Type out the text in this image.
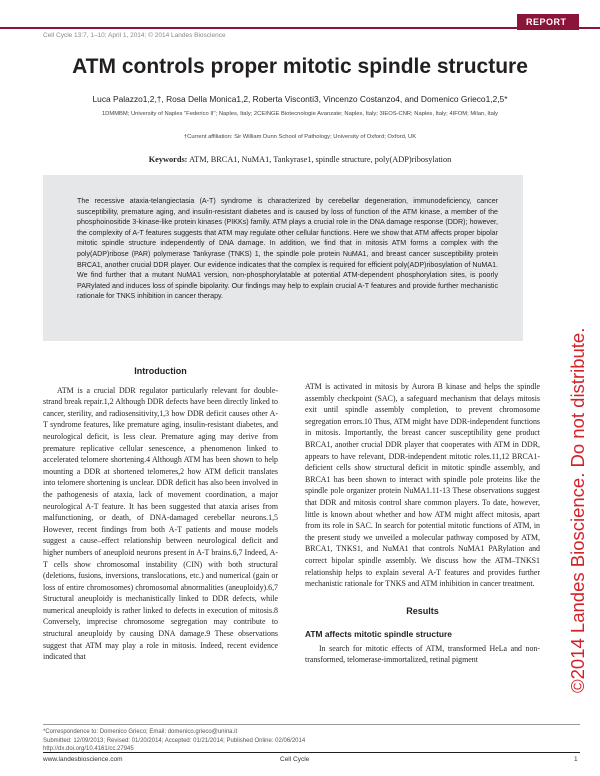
REPORT
Cell Cycle 13:7, 1–10; April 1, 2014; © 2014 Landes Bioscience
ATM controls proper mitotic spindle structure
Luca Palazzo1,2,†, Rosa Della Monica1,2, Roberta Visconti3, Vincenzo Costanzo4, and Domenico Grieco1,2,5*
1DMMBM; University of Naples "Federico II"; Naples, Italy; 2CEINGE Biotecnologie Avanzate; Naples, Italy; 3IEOS-CNR; Naples, Italy; 4IFOM; Milan, Italy
†Current affiliation: Sir William Dunn School of Pathology; University of Oxford; Oxford, UK
Keywords: ATM, BRCA1, NuMA1, Tankyrase1, spindle structure, poly(ADP)ribosylation
The recessive ataxia-telangiectasia (A-T) syndrome is characterized by cerebellar degeneration, immunodeficiency, cancer susceptibility, premature aging, and insulin-resistant diabetes and is caused by loss of function of the ATM kinase, a member of the phosphoinositide 3-kinase-like protein kinases (PIKKs) family. ATM plays a crucial role in the DNA damage response (DDR); however, the complexity of A-T features suggests that ATM may regulate other cellular functions. Here we show that ATM affects proper bipolar mitotic spindle structure independently of DNA damage. In addition, we find that in mitosis ATM forms a complex with the poly(ADP)ribose (PAR) polymerase Tankyrase (TNKS) 1, the spindle pole protein NuMA1, and breast cancer susceptibility protein BRCA1, another crucial DDR player. Our evidence indicates that the complex is required for efficient poly(ADP)ribosylation of NuMA1. We find further that a mutant NuMA1 version, non-phosphorylatable at potential ATM-dependent phosphorylation sites, is poorly PARylated and induces loss of spindle bipolarity. Our findings may help to explain crucial A-T features and provide further mechanistic rationale for TNKS inhibition in cancer therapy.
Introduction

ATM is a crucial DDR regulator particularly relevant for double-strand break repair.1,2 Although DDR defects have been directly linked to cancer, sterility, and radiosensitivity,1,3 how DDR deficit causes other A-T syndrome features, like premature aging, insulin-resistant diabetes, and neurological deficit, is less clear. Premature aging may derive from premature replicative cellular senescence, a phenomenon linked to accelerated telomere shortening.4 Although ATM has been shown to help mounting a DDR at shortened telomeres,2 how ATM deficit translates into telomere shortening is unclear. DDR deficit has also been involved in the pathogenesis of ataxia, lack of movement coordination, a major neurological A-T feature. It has been suggested that ataxia arises from malfunctioning, or death, of DNA-damaged cerebellar neurons.1,5 However, recent findings from both A-T patients and mouse models suggest a cause–effect relationship between neurological deficit and higher numbers of aneuploid neurons present in A-T brains.6,7 Indeed, A-T cells show chromosomal instability (CIN) with both structural (deletions, fusions, inversions, translocations, etc.) and numerical (gain or loss of entire chromosomes) chromosomal abnormalities (aneuploidy).6,7 Structural aneuploidy is mechanistically linked to DDR defects, while numerical aneuploidy is rather linked to defects in execution of mitosis.8 Conversely, imprecise chromosome segregation may contribute to structural aneuploidy by causing DNA damage.9 These observations suggest that ATM may play a role in mitosis. Indeed, recent evidence indicated that

ATM is activated in mitosis by Aurora B kinase and helps the spindle assembly checkpoint (SAC), a safeguard mechanism that delays mitosis exit until spindle assembly completion, to prevent chromosome segregation errors.10 Thus, ATM might have DDR-independent functions in mitosis. Importantly, the breast cancer susceptibility gene product BRCA1, another crucial DDR player that cooperates with ATM in DDR, appears to have relevant, DDR-independent mitotic roles.11,12 BRCA1-deficient cells show structural deficit in mitotic spindle assembly, and BRCA1 has been shown to interact with spindle pole proteins like the spindle pole organizer protein NuMA1.11-13 These observations suggest that DDR and mitosis control share common players. To date, however, little is known about whether and how ATM might affect mitosis, apart from its role in SAC. In search for potential mitotic functions of ATM, in the present study we unveiled a molecular pathway composed by ATM, BRCA1, TNKS1, and NuMA1 that controls NuMA1 PARylation and correct bipolar spindle assembly. We discuss how the ATM–TNKS1 relationship helps to explain several A-T features and provides further mechanistic rationale for TNKS and ATM inhibition in cancer treatment.

Results
ATM affects mitotic spindle structure

In search for mitotic effects of ATM, transformed HeLa and non-transformed, telomerase-immortalized, retinal pigment	©2014 Landes Bioscience. Do not distribute.
*Correspondence to: Domenico Grieco; Email: domenico.grieco@unina.it
Submitted: 12/09/2013; Revised: 01/20/2014; Accepted: 01/21/2014; Published Online: 02/06/2014
http://dx.doi.org/10.4161/cc.27945
www.landesbioscience.com	Cell Cycle	1
